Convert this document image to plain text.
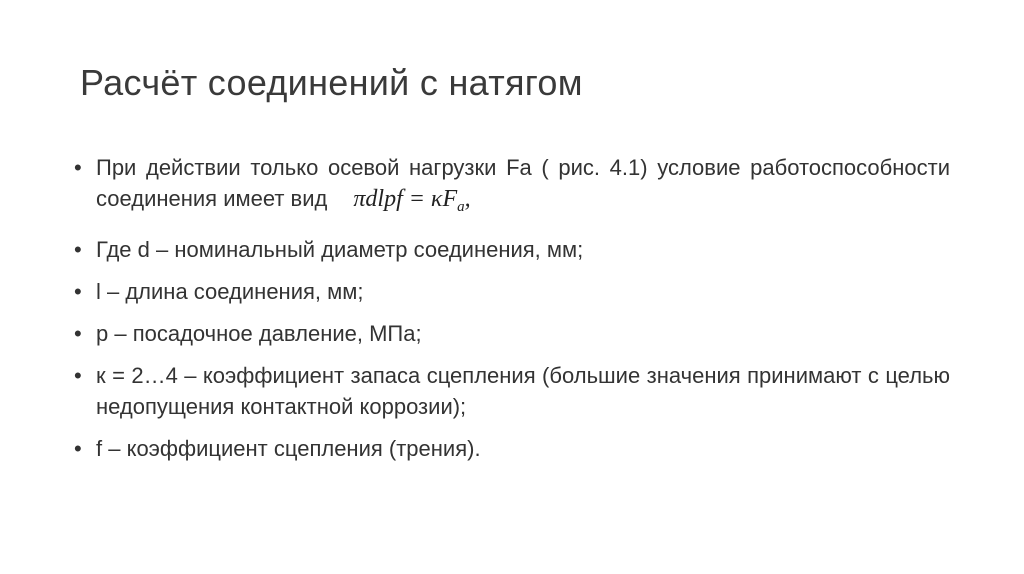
Расчёт соединений с натягом
• При действии только осевой нагрузки Fa ( рис. 4.1) условие работоспособности соединения имеет вид πdlpf = $\kappa F_a$,
• Где d – номинальный диаметр соединения, мм;
• l – длина соединения, мм;
• p – посадочное давление, МПа;
• к = 2…4 – коэффициент запаса сцепления (большие значения принимают с целью недопущения контактной коррозии);
• f – коэффициент сцепления (трения).
